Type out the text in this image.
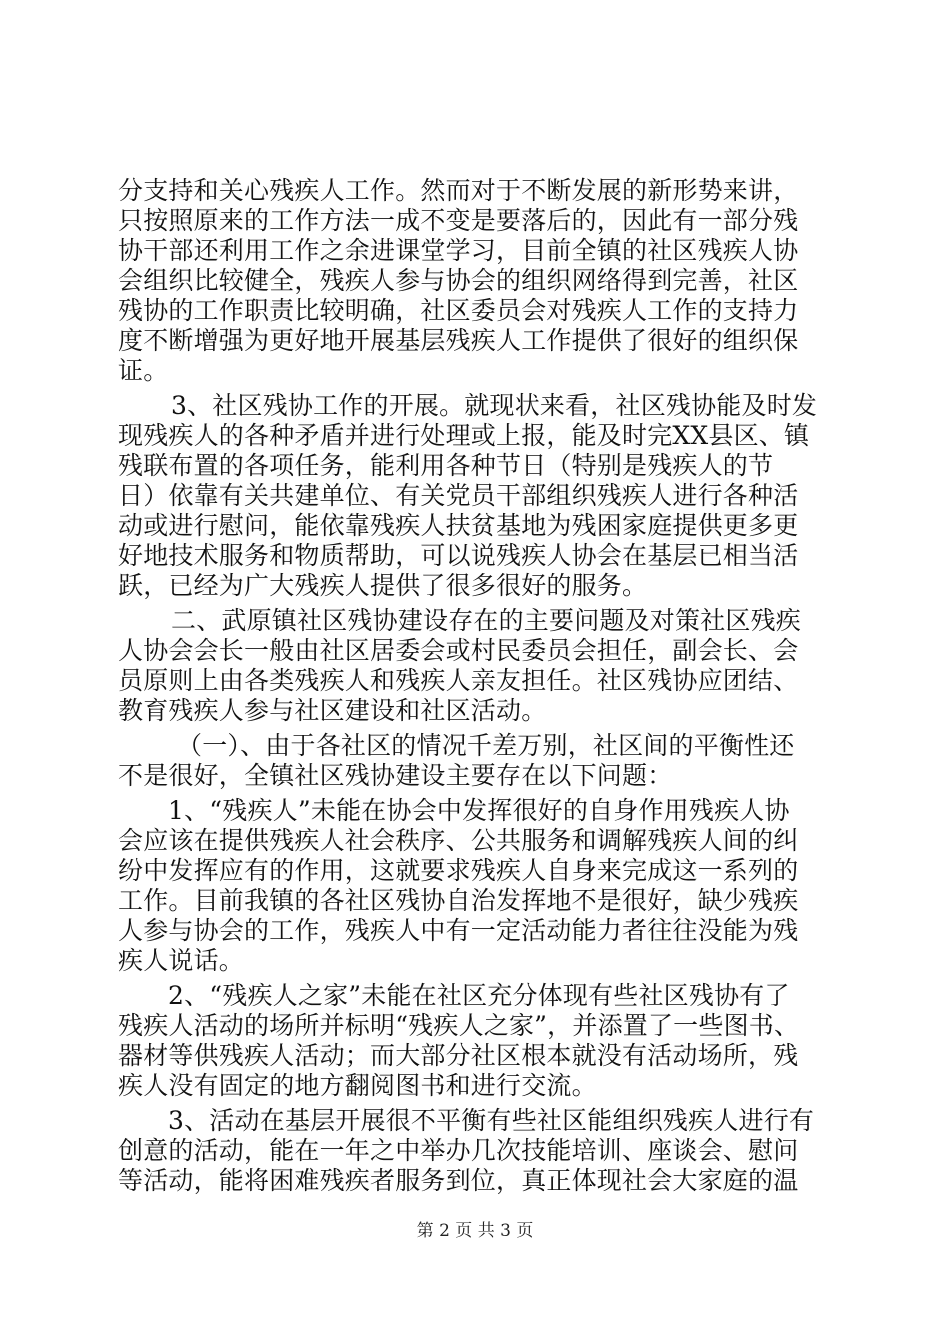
分支持和关心残疾人工作。然而对于不断发展的新形势来讲，
只按照原来的工作方法一成不变是要落后的，因此有一部分残
协干部还利用工作之余进课堂学习，目前全镇的社区残疾人协
会组织比较健全，残疾人参与协会的组织网络得到完善，社区
残协的工作职责比较明确，社区委员会对残疾人工作的支持力
度不断增强为更好地开展基层残疾人工作提供了很好的组织保
证。
3、社区残协工作的开展。就现状来看，社区残协能及时发
现残疾人的各种矛盾并进行处理或上报，能及时完XX县区、镇
残联布置的各项任务，能利用各种节日（特别是残疾人的节
日）依靠有关共建单位、有关党员干部组织残疾人进行各种活
动或进行慰问，能依靠残疾人扶贫基地为残困家庭提供更多更
好地技术服务和物质帮助，可以说残疾人协会在基层已相当活
跃，已经为广大残疾人提供了很多很好的服务。
二、武原镇社区残协建设存在的主要问题及对策社区残疾
人协会会长一般由社区居委会或村民委员会担任，副会长、会
员原则上由各类残疾人和残疾人亲友担任。社区残协应团结、
教育残疾人参与社区建设和社区活动。
（一）、由于各社区的情况千差万别，社区间的平衡性还
不是很好，全镇社区残协建设主要存在以下问题：
1、“残疾人”未能在协会中发挥很好的自身作用残疾人协
会应该在提供残疾人社会秩序、公共服务和调解残疾人间的纠
纷中发挥应有的作用，这就要求残疾人自身来完成这一系列的
工作。目前我镇的各社区残协自治发挥地不是很好，缺少残疾
人参与协会的工作，残疾人中有一定活动能力者往往没能为残
疾人说话。
2、“残疾人之家”未能在社区充分体现有些社区残协有了
残疾人活动的场所并标明“残疾人之家”，并添置了一些图书、
器材等供残疾人活动；而大部分社区根本就没有活动场所，残
疾人没有固定的地方翻阅图书和进行交流。
3、活动在基层开展很不平衡有些社区能组织残疾人进行有
创意的活动，能在一年之中举办几次技能培训、座谈会、慰问
等活动，能将困难残疾者服务到位，真正体现社会大家庭的温
第 2 页 共 3 页
